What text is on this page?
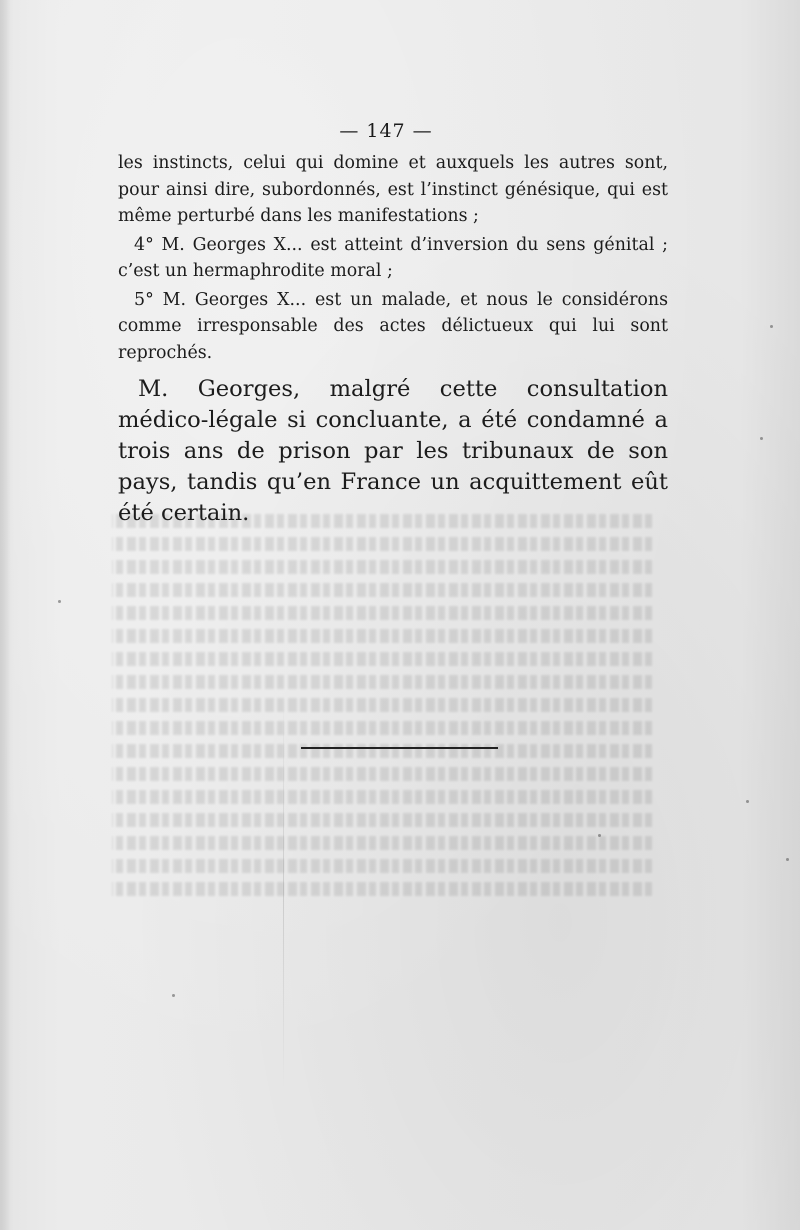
— 147 —

les instincts, celui qui domine et auxquels les autres sont, pour ainsi dire, subordonnés, est l’instinct génésique, qui est même perturbé dans les manifestations ;

4° M. Georges X... est atteint d’inversion du sens génital ; c’est un hermaphrodite moral ;

5° M. Georges X... est un malade, et nous le considérons comme irresponsable des actes délictueux qui lui sont reprochés.

M. Georges, malgré cette consultation médico-légale si concluante, a été condamné a trois ans de prison par les tribunaux de son pays, tandis qu’en France un acquittement eût été certain.
